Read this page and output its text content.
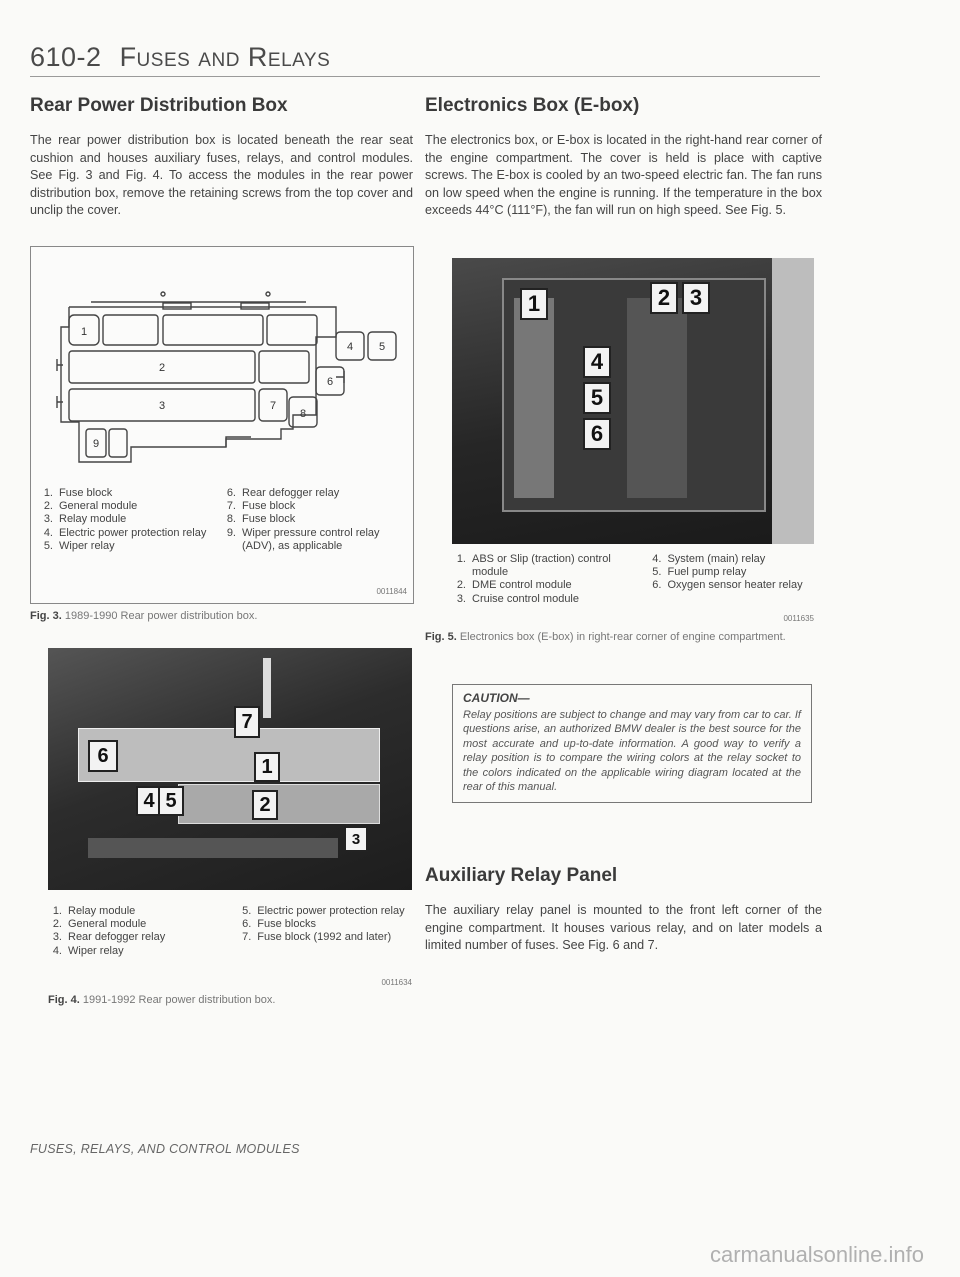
610-2 Fuses and Relays
Rear Power Distribution Box
The rear power distribution box is located beneath the rear seat cushion and houses auxiliary fuses, relays, and control modules. See Fig. 3 and Fig. 4. To access the modules in the rear power distribution box, remove the retaining screws from the top cover and unclip the cover.
1
2
3
4 5
6
7
8
9
1.	Fuse block
2.	General module
3.	Relay module
4.	Electric power protection relay
5.	Wiper relay

6.	Rear defogger relay
7.	Fuse block
8.	Fuse block
9.	Wiper pressure control relay (ADV), as applicable
0011844
Fig. 3. 1989-1990 Rear power distribution box.
6
7
1
4 5	2
3
1.	Relay module
2.	General module
3.	Rear defogger relay
4.	Wiper relay

5.	Electric power protection relay
6.	Fuse blocks
7.	Fuse block (1992 and later)
0011634
Fig. 4. 1991-1992 Rear power distribution box.
Electronics Box (E-box)
The electronics box, or E-box is located in the right-hand rear corner of the engine compartment. The cover is held is place with captive screws. The E-box is cooled by an two-speed electric fan. The fan runs on low speed when the engine is running. If the temperature in the box exceeds 44°C (111°F), the fan will run on high speed. See Fig. 5.
1	2 3
4
5
6
1.	ABS or Slip (traction) control module
2.	DME control module
3.	Cruise control module

4.	System (main) relay
5.	Fuel pump relay
6.	Oxygen sensor heater relay
0011635
Fig. 5. Electronics box (E-box) in right-rear corner of engine compartment.
CAUTION—
Relay positions are subject to change and may vary from car to car. If questions arise, an authorized BMW dealer is the best source for the most accurate and up-to-date information. A good way to verify a relay position is to compare the wiring colors at the relay socket to the colors indicated on the applicable wiring diagram located at the rear of this manual.
Auxiliary Relay Panel
The auxiliary relay panel is mounted to the front left corner of the engine compartment. It houses various relay, and on later models a limited number of fuses. See Fig. 6 and 7.
FUSES, RELAYS, AND CONTROL MODULES
carmanualsonline.info
